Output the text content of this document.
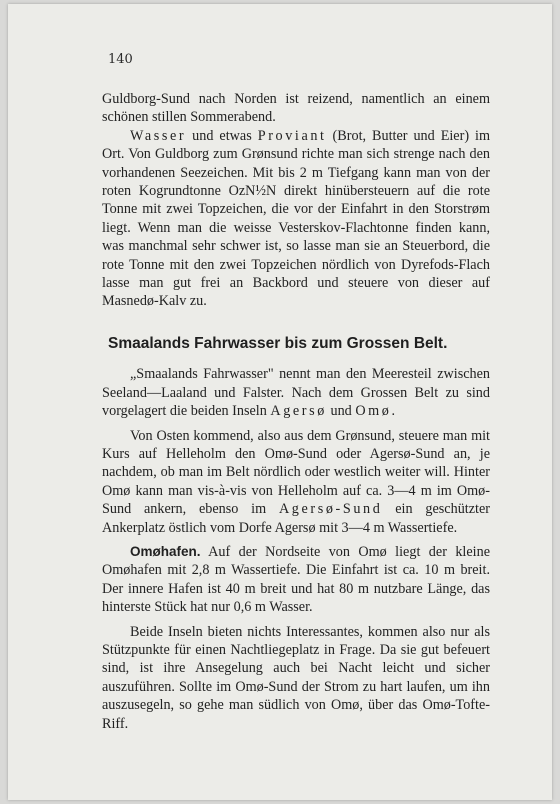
140

Guldborg-Sund nach Norden ist reizend, namentlich an einem schönen stillen Sommerabend.

Wasser und etwas Proviant (Brot, Butter und Eier) im Ort. Von Guldborg zum Grønsund richte man sich strenge nach den vorhandenen Seezeichen. Mit bis 2 m Tiefgang kann man von der roten Kogrundtonne OzN½N direkt hinübersteuern auf die rote Tonne mit zwei Topzeichen, die vor der Einfahrt in den Storstrøm liegt. Wenn man die weisse Vesterskov-Flachtonne finden kann, was manchmal sehr schwer ist, so lasse man sie an Steuerbord, die rote Tonne mit den zwei Topzeichen nördlich von Dyrefods-Flach lasse man gut frei an Backbord und steuere von dieser auf Masnedø-Kalv zu.

Smaalands Fahrwasser bis zum Grossen Belt.

„Smaalands Fahrwasser" nennt man den Meeresteil zwischen Seeland—Laaland und Falster. Nach dem Grossen Belt zu sind vorgelagert die beiden Inseln Agersø und Omø.

Von Osten kommend, also aus dem Grønsund, steuere man mit Kurs auf Helleholm den Omø-Sund oder Agersø-Sund an, je nachdem, ob man im Belt nördlich oder westlich weiter will. Hinter Omø kann man vis-à-vis von Helleholm auf ca. 3—4 m im Omø-Sund ankern, ebenso im Agersø-Sund ein geschützter Ankerplatz östlich vom Dorfe Agersø mit 3—4 m Wassertiefe.

Omøhafen. Auf der Nordseite von Omø liegt der kleine Omøhafen mit 2,8 m Wassertiefe. Die Einfahrt ist ca. 10 m breit. Der innere Hafen ist 40 m breit und hat 80 m nutzbare Länge, das hinterste Stück hat nur 0,6 m Wasser.

Beide Inseln bieten nichts Interessantes, kommen also nur als Stützpunkte für einen Nachtliegeplatz in Frage. Da sie gut befeuert sind, ist ihre Ansegelung auch bei Nacht leicht und sicher auszuführen. Sollte im Omø-Sund der Strom zu hart laufen, um ihn auszusegeln, so gehe man südlich von Omø, über das Omø-Tofte-Riff.
